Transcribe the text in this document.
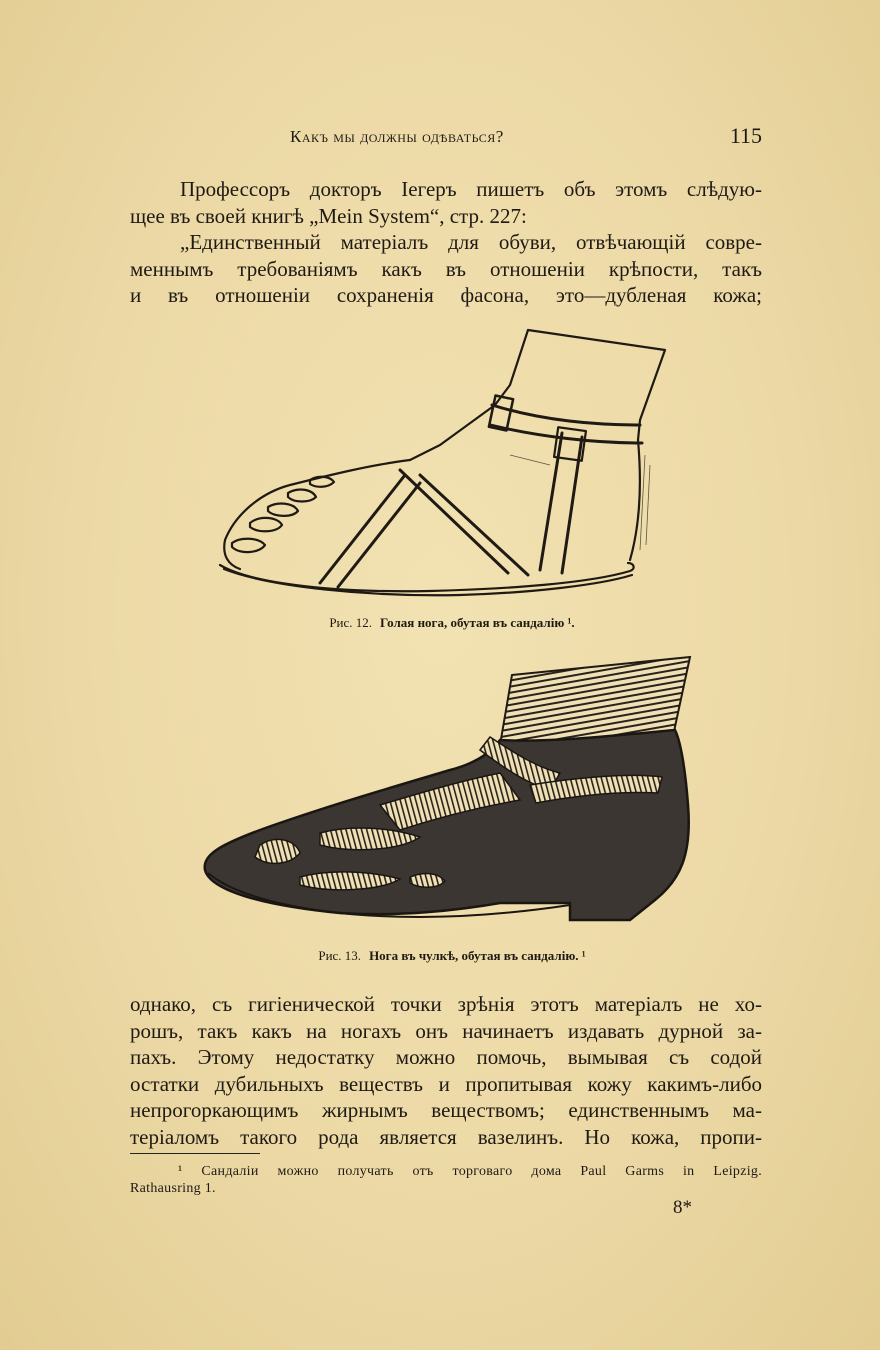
Какъ мы должны одѣваться?	115
Профессоръ докторъ Іегеръ пишетъ объ этомъ слѣдую-
щее въ своей книгѣ „Mein System“, стр. 227:
„Единственный матеріалъ для обуви, отвѣчающій совре-
меннымъ требованіямъ какъ въ отношеніи крѣпости, такъ
и въ отношеніи сохраненія фасона, это—дубленая кожа;
Рис. 12. Голая нога, обутая въ сандалію ¹.
Рис. 13. Нога въ чулкѣ, обутая въ сандалію. ¹
однако, съ гигіенической точки зрѣнія этотъ матеріалъ не хо-
рошъ, такъ какъ на ногахъ онъ начинаетъ издавать дурной за-
пахъ. Этому недостатку можно помочь, вымывая съ содой
остатки дубильныхъ веществъ и пропитывая кожу какимъ-либо
непрогоркающимъ жирнымъ веществомъ; единственнымъ ма-
теріаломъ такого рода является вазелинъ. Но кожа, пропи-
¹ Сандаліи можно получать отъ торговаго дома Paul Garms in Leipzig.
Rathausring 1.
8*
